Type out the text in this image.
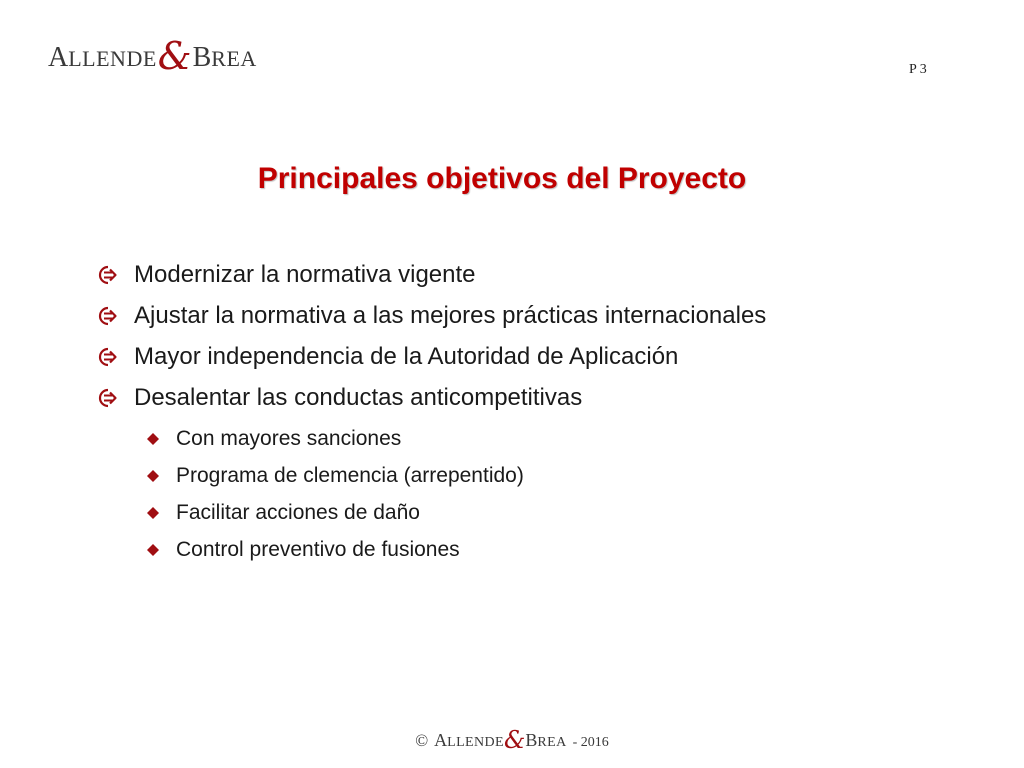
ALLENDE&BREA	P 3
Principales objetivos del Proyecto
Modernizar la normativa vigente
Ajustar la normativa a las mejores prácticas internacionales
Mayor independencia de la Autoridad de Aplicación
Desalentar las conductas anticompetitivas
Con mayores sanciones
Programa de clemencia (arrepentido)
Facilitar acciones de daño
Control preventivo de fusiones
© ALLENDE&BREA - 2016
